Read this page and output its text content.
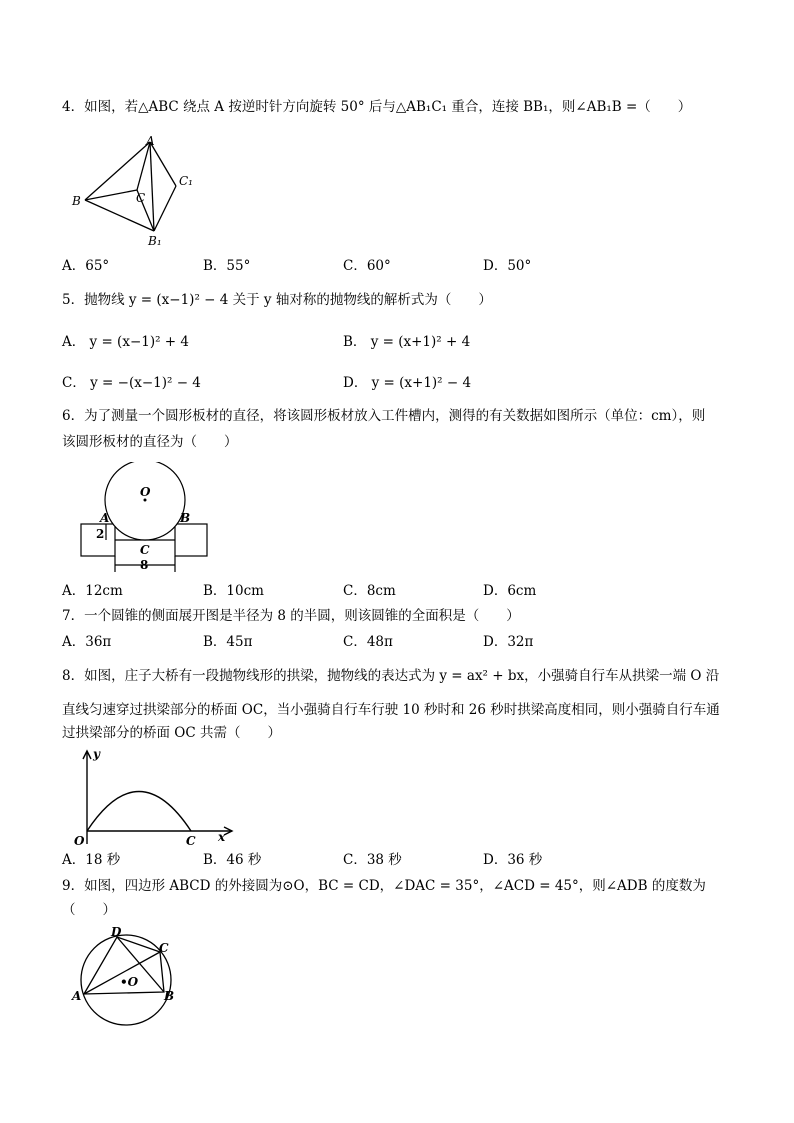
4．如图，若△ABC 绕点 A 按逆时针方向旋转 50° 后与△AB₁C₁ 重合，连接 BB₁，则∠AB₁B =（　　）
A
B	C
C₁
B₁
A．65°	B．55°	C．60°	D．50°
5．抛物线 y = (x−1)² − 4 关于 y 轴对称的抛物线的解析式为（　　）
A． y = (x−1)² + 4	B． y = (x+1)² + 4
C． y = −(x−1)² − 4	D． y = (x+1)² − 4
6．为了测量一个圆形板材的直径，将该圆形板材放入工件槽内，测得的有关数据如图所示（单位：cm），则
该圆形板材的直径为（　　）
O
A	B
C
2
8
A．12cm	B．10cm	C．8cm	D．6cm
7．一个圆锥的侧面展开图是半径为 8 的半圆，则该圆锥的全面积是（　　）
A．36π	B．45π	C．48π	D．32π
8．如图，庄子大桥有一段抛物线形的拱梁，抛物线的表达式为 y = ax² + bx，小强骑自行车从拱梁一端 O 沿
直线匀速穿过拱梁部分的桥面 OC，当小强骑自行车行驶 10 秒时和 26 秒时拱梁高度相同，则小强骑自行车通
过拱梁部分的桥面 OC 共需（　　）
y
x
O	C
A．18 秒	B．46 秒	C．38 秒	D．36 秒
9．如图，四边形 ABCD 的外接圆为⊙O，BC = CD，∠DAC = 35°，∠ACD = 45°，则∠ADB 的度数为
（　　）
D
C
A	B
•O
